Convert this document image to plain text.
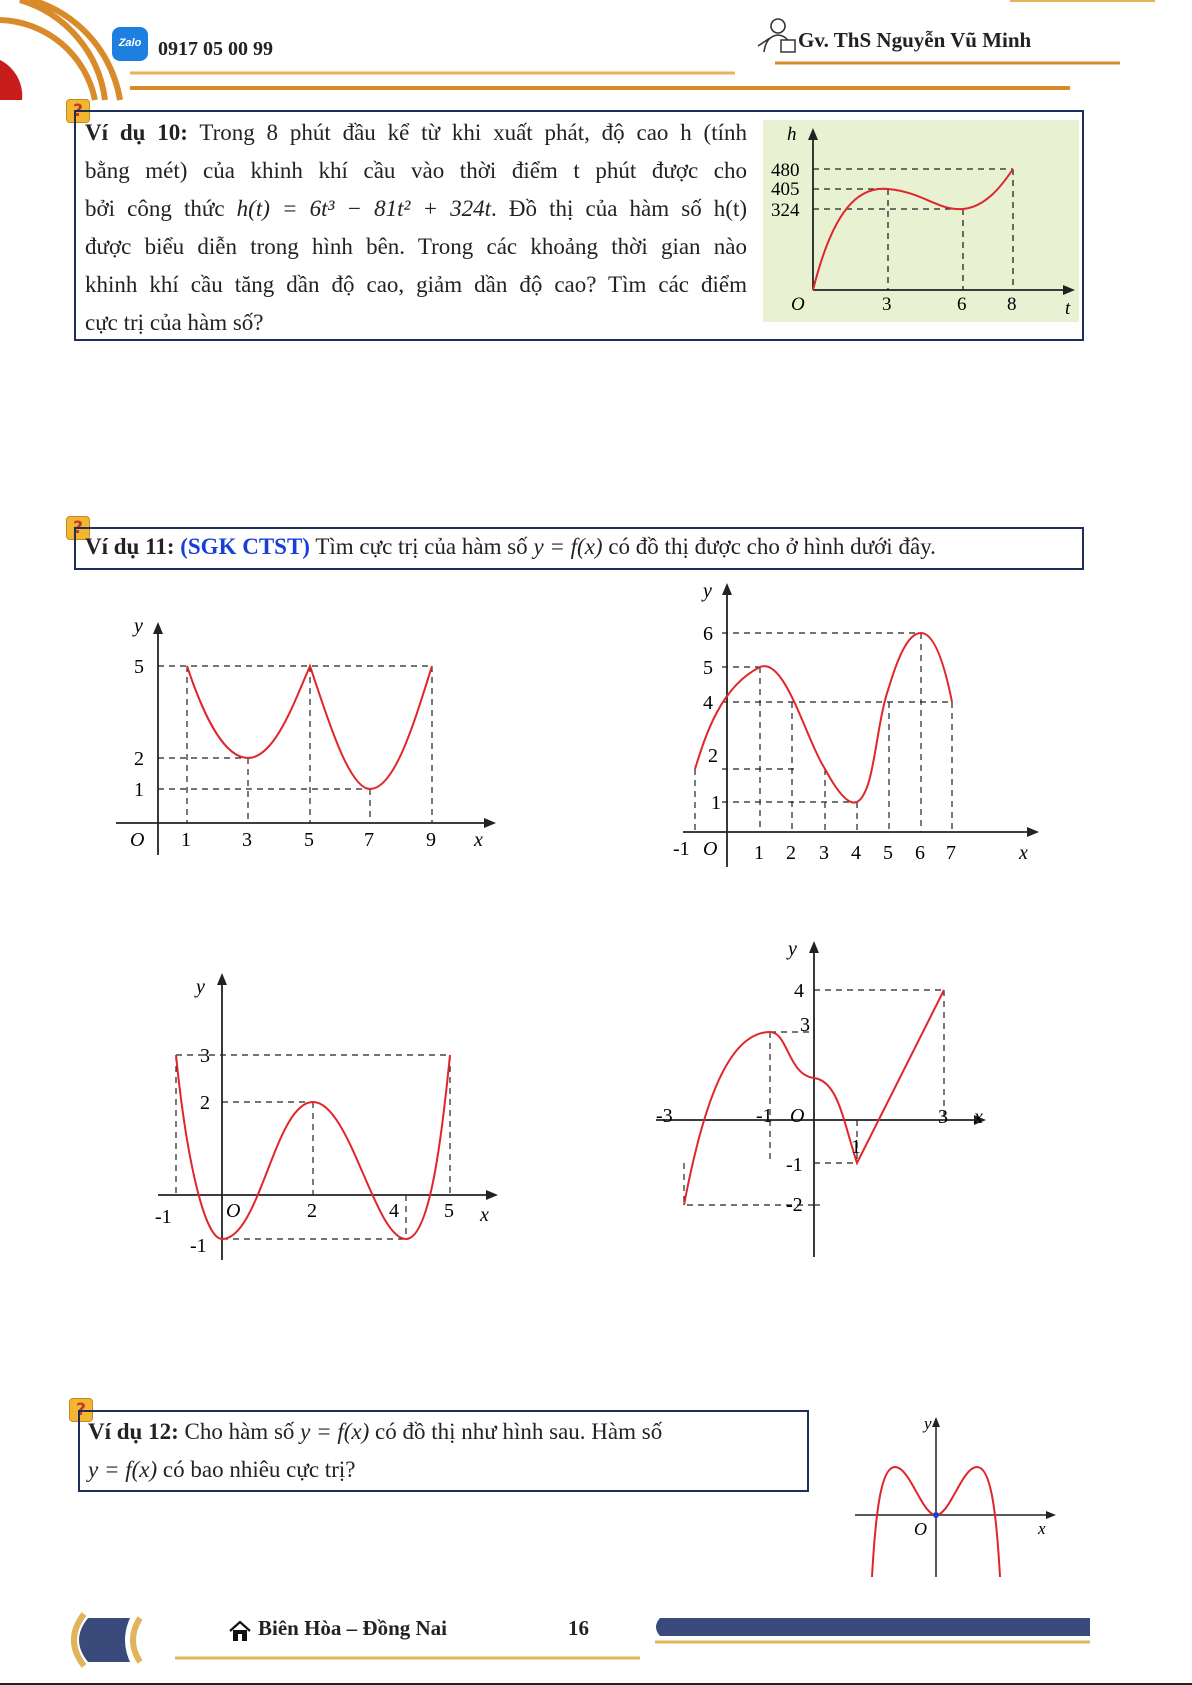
Zalo 0917 05 00 99	Gv. ThS Nguyễn Vũ Minh
?
Ví dụ 10: Trong 8 phút đầu kể từ khi xuất phát, độ cao h (tính
bằng mét) của khinh khí cầu vào thời điểm t phút được cho
bởi công thức h(t) = 6t³ − 81t² + 324t. Đồ thị của hàm số h(t)
được biểu diễn trong hình bên. Trong các khoảng thời gian nào
khinh khí cầu tăng dần độ cao, giảm dần độ cao? Tìm các điểm
cực trị của hàm số?
h
480
405
324
O	3	6 8	t
?
Ví dụ 11: (SGK CTST) Tìm cực trị của hàm số y = f(x) có đồ thị được cho ở hình dưới đây.
y
5
2
1
O 1	3	5	7	9 x
y
6
5
4
2
1
-1 O 1 2 3 4 5 6 7	x
y
3
2
-1
-1	O	2	4 5 x
y
4
3
-2
-1
-3	-1 O
1
3 x
?
Ví dụ 12: Cho hàm số y = f(x) có đồ thị như hình sau. Hàm số
y = f(x) có bao nhiêu cực trị?
y
O	x
Biên Hòa – Đồng Nai	16
